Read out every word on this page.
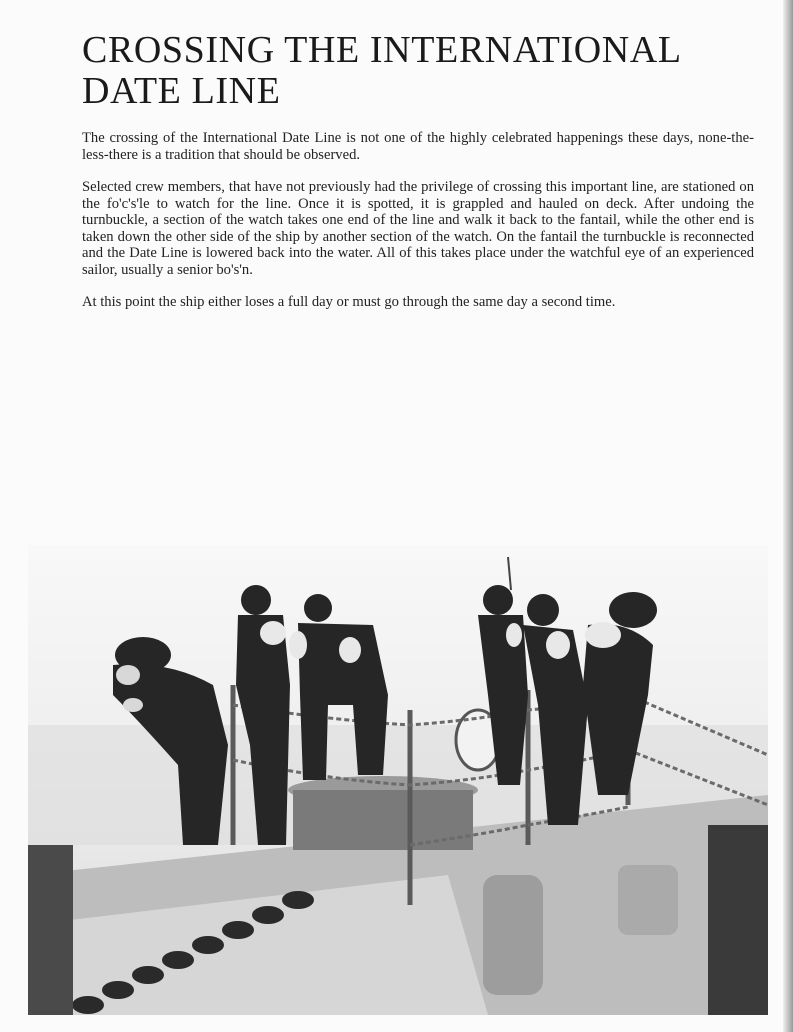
CROSSING THE INTERNATIONAL
DATE LINE

The crossing of the International Date Line is not one of the highly celebrated happenings these days, none-the-less-there is a tradition that should be observed.

Selected crew members, that have not previously had the privilege of crossing this important line, are stationed on the fo'c's'le to watch for the line. Once it is spotted, it is grappled and hauled on deck. After undoing the turnbuckle, a section of the watch takes one end of the line and walk it back to the fantail, while the other end is taken down the other side of the ship by another section of the watch. On the fantail the turnbuckle is reconnected and the Date Line is lowered back into the water. All of this takes place under the watchful eye of an experienced sailor, usually a senior bo's'n.

At this point the ship either loses a full day or must go through the same day a second time.
